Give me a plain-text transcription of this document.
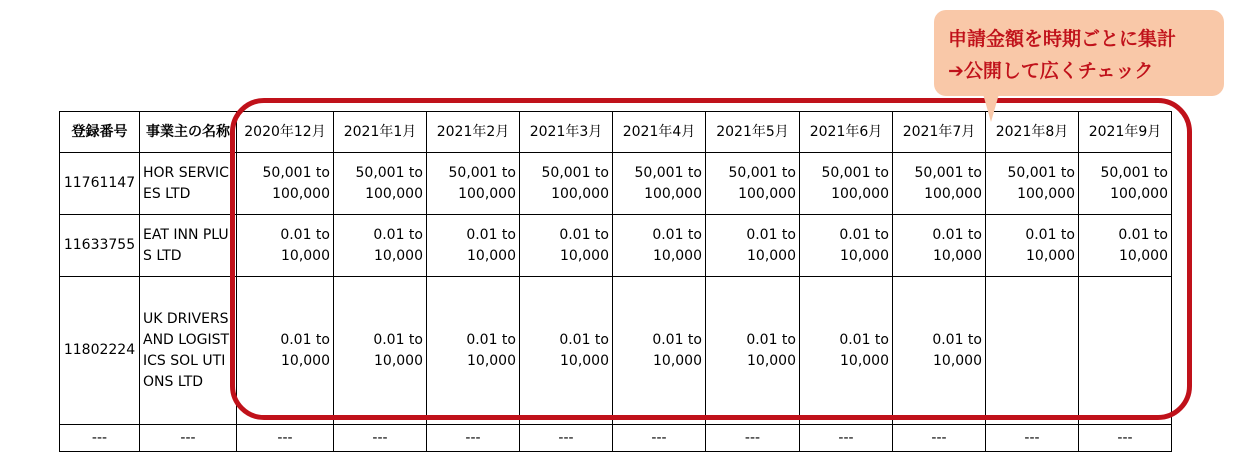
登録番号	事業主の名称	2020年12月	2021年1月	2021年2月	2021年3月	2021年4月	2021年5月	2021年6月	2021年7月	2021年8月	2021年9月
11761147	HOR SERVICES LTD	50,001 to 100,000	50,001 to 100,000	50,001 to 100,000	50,001 to 100,000	50,001 to 100,000	50,001 to 100,000	50,001 to 100,000	50,001 to 100,000	50,001 to 100,000	50,001 to 100,000
11633755	EAT INN PLUS LTD	0.01 to 10,000	0.01 to 10,000	0.01 to 10,000	0.01 to 10,000	0.01 to 10,000	0.01 to 10,000	0.01 to 10,000	0.01 to 10,000	0.01 to 10,000	0.01 to 10,000
11802224	UK DRIVERS AND LOGISTICS SOL UTIONS LTD	0.01 to 10,000	0.01 to 10,000	0.01 to 10,000	0.01 to 10,000	0.01 to 10,000	0.01 to 10,000	0.01 to 10,000	0.01 to 10,000		
---	---	---	---	---	---	---	---	---	---	---	---
申請金額を時期ごとに集計
➔公開して広くチェック
